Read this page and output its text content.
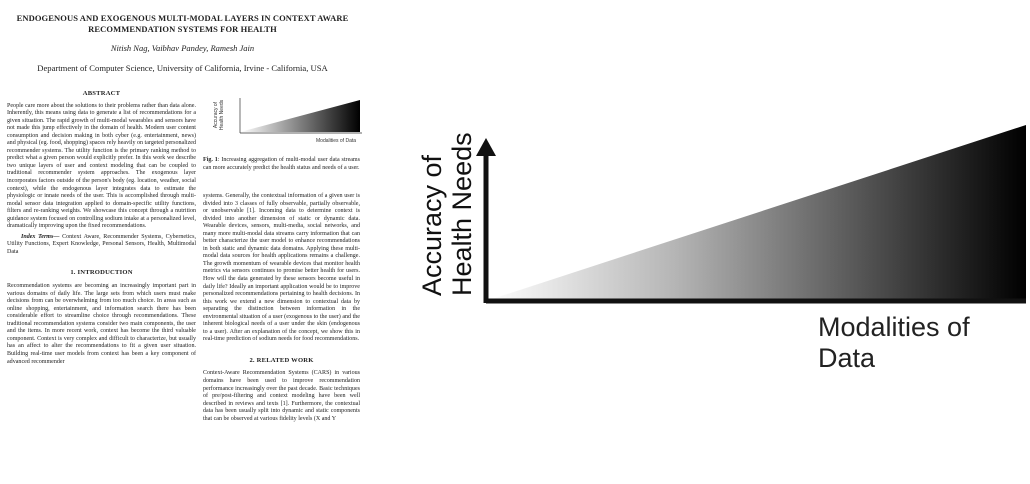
ENDOGENOUS AND EXOGENOUS MULTI-MODAL LAYERS IN CONTEXT AWARE
RECOMMENDATION SYSTEMS FOR HEALTH
Nitish Nag, Vaibhav Pandey, Ramesh Jain
Department of Computer Science, University of California, Irvine - California, USA
ABSTRACT

People care more about the solutions to their problems rather than data alone. Inherently, this means using data to generate a list of recommendations for a given situation. The rapid growth of multi-modal wearables and sensors have not made this jump effectively in the domain of health. Modern user content consumption and decision making in both cyber (e.g. entertainment, news) and physical (eg. food, shopping) spaces rely heavily on targeted personalized recommender systems. The utility function is the primary ranking method to predict what a given person would explicitly prefer. In this work we describe two unique layers of user and context modeling that can be coupled to traditional recommender system approaches. The exogenous layer incorporates factors outside of the person's body (eg. location, weather, social context), while the endogenous layer integrates data to estimate the physiologic or innate needs of the user. This is accomplished through multi-modal sensor data integration applied to domain-specific utility functions, filters and re-ranking weights. We showcase this concept through a nutrition guidance system focused on controlling sodium intake at a personalized level, dramatically improving upon the fixed recommendations.

Index Terms— Context Aware, Recommender Systems, Cybernetics, Utility Functions, Expert Knowledge, Personal Sensors, Health, Multimodal Data

1. INTRODUCTION

Recommendation systems are becoming an increasingly important part in various domains of daily life. The large sets from which users must make decisions from can be overwhelming from too much choice. In areas such as online shopping, entertainment, and information search there has been considerable effort to streamline choice through recommendations. These traditional recommendation systems consider two main components, the user and the items. In more recent work, context has become the third valuable component. Context is very complex and difficult to characterize, but usually has an affect to alter the recommendations to fit a given user situation. Building real-time user models from context has been a key component of advanced recommender

Accuracy of Health Needs
Modalities of Data
Fig. 1: Increasing aggregation of multi-modal user data streams can more accurately predict the health status and needs of a user.

systems. Generally, the contextual information of a given user is divided into 3 classes of fully observable, partially observable, or unobservable [1]. Incoming data to determine context is divided into another dimension of static or dynamic data. Wearable devices, sensors, multi-media, social networks, and many more multi-modal data streams carry information that can better characterize the user model to enhance recommendations in both static and dynamic data domains. Applying these multi-modal data sources for health applications remains a challenge. The growth momentum of wearable devices that monitor health metrics via sensors continues to promise better health for users. How will the data generated by these sensors become useful in daily life? Ideally an important application would be to improve personalized recommendations pertaining to health decisions. In this work we extend a new dimension to contextual data by separating the distinction between information in the environmental situation of a user (exogenous to the user) and the inherent biological needs of a user under the skin (endogenous to a user). After an explanation of the concept, we show this in real-time prediction of sodium needs for food recommendations.

2. RELATED WORK

Context-Aware Recommendation Systems (CARS) in various domains have been used to improve recommendation performance increasingly over the past decade. Basic techniques of pre/post-filtering and context modeling have been well described in reviews and texts [1]. Furthermore, the contextual data has been usually split into dynamic and static components that can be observed at various fidelity levels (X and Y

Accuracy of Health Needs
Modalities of Data
